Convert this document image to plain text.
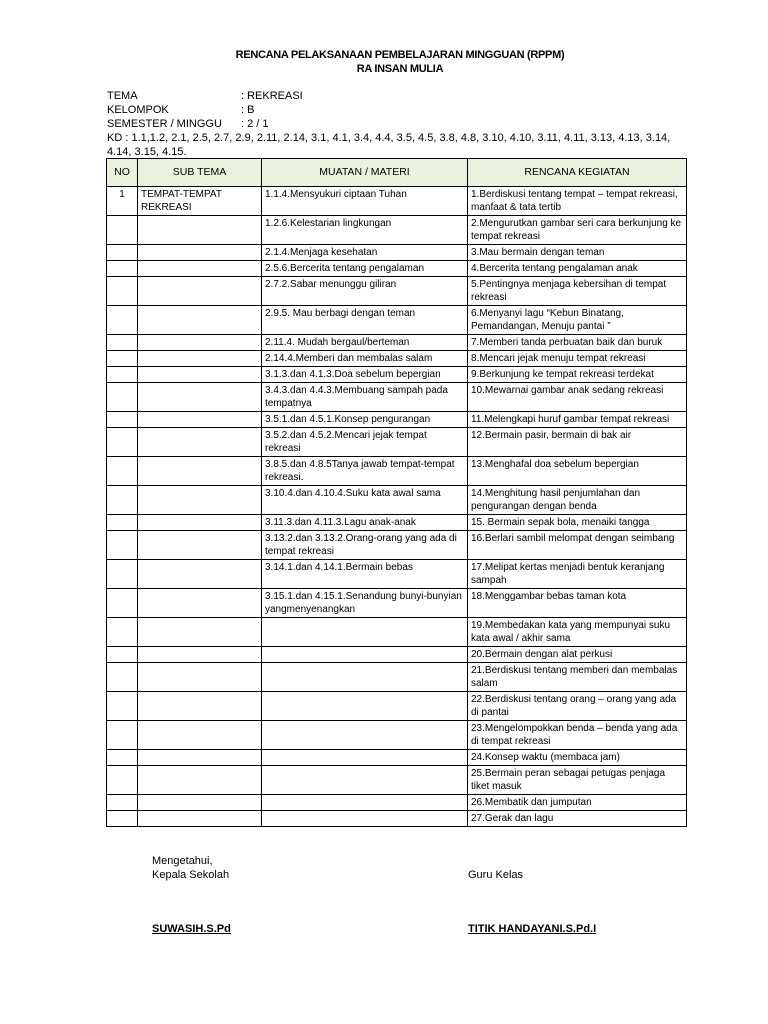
RENCANA PELAKSANAAN PEMBELAJARAN MINGGUAN (RPPM)
RA INSAN MULIA
TEMA	: REKREASI
KELOMPOK	: B
SEMESTER / MINGGU : 2 / 1
KD : 1.1,1.2, 2.1, 2.5, 2.7, 2.9, 2.11, 2.14, 3.1, 4.1, 3.4, 4.4, 3.5, 4.5, 3.8, 4.8, 3.10, 4.10, 3.11, 4.11, 3.13, 4.13, 3.14, 4.14, 3.15, 4.15.
NO	SUB TEMA	MUATAN / MATERI	RENCANA KEGIATAN
1	TEMPAT-TEMPAT REKREASI	1.1.4.Mensyukuri ciptaan Tuhan	1.Berdiskusi tentang tempat – tempat rekreasi, manfaat & tata tertib
		1.2.6.Kelestarian lingkungan	2.Mengurutkan gambar seri cara berkunjung ke tempat rekreasi
		2.1.4.Menjaga kesehatan	3.Mau bermain dengan teman
		2.5.6.Bercerita tentang pengalaman	4.Bercerita tentang pengalaman anak
		2.7.2.Sabar menunggu giliran	5.Pentingnya menjaga kebersihan di tempat rekreasi
		2.9.5. Mau berbagi dengan teman	6.Menyanyi lagu “Kebun Binatang, Pemandangan, Menuju pantai ”
		2.11.4. Mudah bergaul/berteman	7.Memberi tanda perbuatan baik dan buruk
		2.14.4.Memberi dan membalas salam	8.Mencari jejak menuju tempat rekreasi
		3.1.3.dan 4.1.3.Doa sebelum bepergian	9.Berkunjung ke tempat rekreasi terdekat
		3.4.3.dan 4.4.3.Membuang sampah pada tempatnya	10.Mewarnai gambar anak sedang rekreasi
		3.5.1.dan 4.5.1.Konsep pengurangan	11.Melengkapi huruf gambar tempat rekreasi
		3.5.2.dan 4.5.2.Mencari jejak tempat rekreasi	12.Bermain pasir, bermain di bak air
		3.8.5.dan 4.8.5Tanya jawab tempat-tempat rekreasi.	13.Menghafal doa sebelum bepergian
		3.10.4.dan 4.10.4.Suku kata awal sama	14.Menghitung hasil penjumlahan dan pengurangan dengan benda
		3.11.3.dan 4.11.3.Lagu anak-anak	15. Bermain sepak bola, menaiki tangga
		3.13.2.dan 3.13.2.Orang-orang yang ada di tempat rekreasi	16.Berlari sambil melompat dengan seimbang
		3.14.1.dan 4.14.1.Bermain bebas	17.Melipat kertas menjadi bentuk keranjang sampah
		3.15.1.dan 4.15.1.Senandung bunyi-bunyian yangmenyenangkan	18.Menggambar bebas taman kota
			19.Membedakan kata yang mempunyai suku kata awal / akhir sama
			20.Bermain dengan alat perkusi
			21.Berdiskusi tentang memberi dan membalas salam
			22.Berdiskusi tentang orang – orang yang ada di pantai
			23.Mengelompokkan benda – benda yang ada di tempat rekreasi
			24.Konsep waktu (membaca jam)
			25.Bermain peran sebagai petugas penjaga tiket masuk
			26.Membatik dan jumputan
			27.Gerak dan lagu
Mengetahui,
Kepala Sekolah	Guru Kelas
SUWASIH.S.Pd	TITIK HANDAYANI.S.Pd.I
